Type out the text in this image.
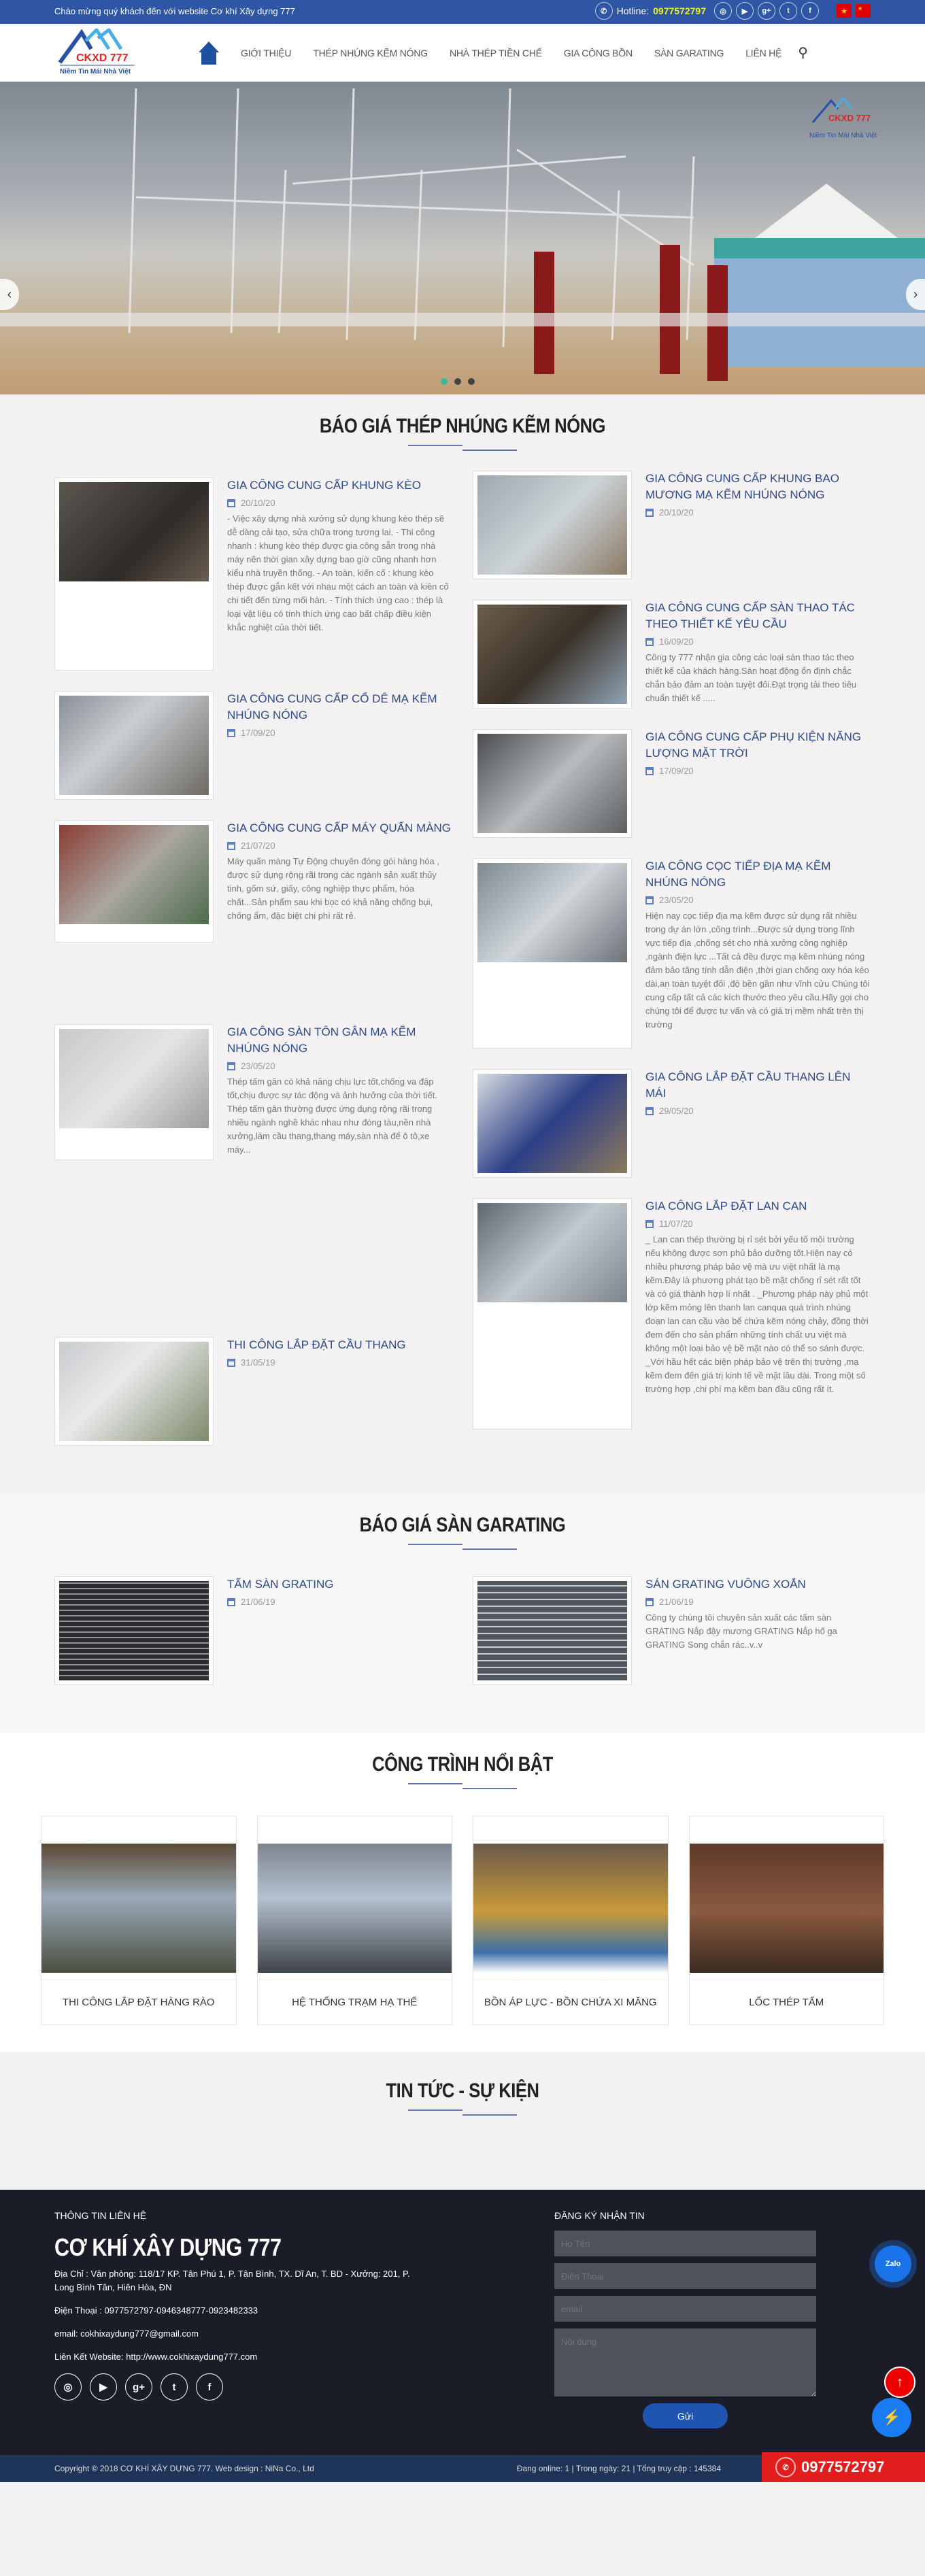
Chào mừng quý khách đến với website Cơ khí Xây dựng 777	✆	Hotline: 0977572797	◎	▶	g+	t	f	★	★
CKXD 777
Niềm Tin Mái Nhà Việt
GIỚI THIỆU	THÉP NHÚNG KẼM NÓNG	NHÀ THÉP TIỀN CHẾ	GIA CÔNG BỒN	SÀN GARATING	LIÊN HỆ	⚲
CKXD 777
Niềm Tin Mái Nhà Việt
‹	›
BÁO GIÁ THÉP NHÚNG KẼM NÓNG
GIA CÔNG CUNG CẤP KHUNG KÈO
20/10/20
- Việc xây dựng nhà xưởng sử dụng khung kèo thép sẽ dễ dàng cải tạo, sửa chữa trong tương lai. - Thi công nhanh : khung kèo thép được gia công sẵn trong nhà máy nên thời gian xây dựng bao giờ cũng nhanh hơn kiểu nhà truyền thống. - An toàn, kiến cố : khung kèo thép được gắn kết với nhau một cách an toàn và kiên cố chi tiết đến từng mối hàn. - Tính thích ứng cao : thép là loại vật liệu có tính thích ứng cao bất chấp điều kiện khắc nghiệt của thời tiết.
GIA CÔNG CUNG CẤP CỔ DÊ MẠ KẼM NHÚNG NÓNG
17/09/20
GIA CÔNG CUNG CẤP MÁY QUẤN MÀNG
21/07/20
Máy quấn màng Tự Động chuyên đóng gói hàng hóa , được sử dụng rộng rãi trong các ngành sản xuất thủy tinh, gốm sứ, giấy, công nghiệp thực phẩm, hóa chất...Sản phẩm sau khi bọc có khả năng chống bụi, chống ẩm, đặc biệt chi phí rất rẻ.
GIA CÔNG SÀN TÔN GÂN MẠ KẼM NHÚNG NÓNG
23/05/20
Thép tấm gân có khả năng chịu lực tốt,chống va đập tốt,chịu được sự tác động và ảnh hưởng của thời tiết. Thép tấm gân thường được ứng dụng rộng rãi trong nhiều ngành nghề khác nhau như đóng tàu,nền nhà xưởng,làm cầu thang,thang máy,sàn nhà để ô tô,xe máy...
THI CÔNG LẮP ĐẶT CẦU THANG
31/05/19
GIA CÔNG CUNG CẤP KHUNG BAO MƯƠNG MẠ KẼM NHÚNG NÓNG
20/10/20
GIA CÔNG CUNG CẤP SÀN THAO TÁC THEO THIẾT KẾ YÊU CẦU
16/09/20
Công ty 777 nhận gia công các loại sàn thao tác theo thiết kế của khách hàng.Sàn hoạt động ổn định chắc chắn bảo đảm an toàn tuyệt đối.Đạt trọng tải theo tiêu chuẩn thiết kế .....
GIA CÔNG CUNG CẤP PHỤ KIỆN NĂNG LƯỢNG MẶT TRỜI
17/09/20
GIA CÔNG CỌC TIẾP ĐỊA MẠ KẼM NHÚNG NÓNG
23/05/20
Hiện nay cọc tiếp địa mạ kẽm được sử dụng rất nhiều trong dự án lớn ,công trình...Được sử dụng trong lĩnh vực tiếp địa ,chống sét cho nhà xưởng công nghiệp ,ngành điện lực ...Tất cả đều được mạ kẽm nhúng nóng đảm bảo tăng tính dẫn điện ,thời gian chống oxy hóa kéo dài,an toàn tuyệt đối ,độ bền gần như vĩnh cửu Chúng tôi cung cấp tất cả các kích thước theo yêu cầu.Hãy gọi cho chúng tôi để được tư vấn và có giá trị mềm nhất trên thị trường
GIA CÔNG LẮP ĐẶT CẦU THANG LÊN MÁI
29/05/20
GIA CÔNG LẮP ĐẶT LAN CAN
11/07/20
_ Lan can thép thường bị rỉ sét bởi yếu tố môi trường nếu không được sơn phủ bảo dưỡng tốt.Hiện nay có nhiều phương pháp bảo vệ mà ưu việt nhất là mạ kẽm.Đây là phương phát tạo bề mặt chống rỉ sét rất tốt và có giá thành hợp lí nhất . _Phương pháp này phủ một lớp kẽm mỏng lên thanh lan canqua quá trình nhúng đoạn lan can cầu vào bể chứa kẽm nóng chảy, đồng thời đem đến cho sản phẩm những tính chất ưu việt mà không một loại bảo vệ bề mặt nào có thể so sánh được. _Với hầu hết các biện pháp bảo vệ trên thị trường ,mạ kẽm đem đến giá trị kinh tế về mặt lâu dài. Trong một số trường hợp ,chi phí mạ kẽm ban đầu cũng rất ít.
BÁO GIÁ SÀN GARATING
TẤM SÀN GRATING
21/06/19
SÁN GRATING VUÔNG XOẮN
21/06/19
Công ty chúng tôi chuyên sản xuất các tấm sàn GRATING Nắp đậy mương GRATING Nắp hố ga GRATING Song chắn rác..v..v
CÔNG TRÌNH NỔI BẬT
THI CÔNG LẮP ĐẶT HÀNG RÀO	HỆ THỐNG TRẠM HẠ THẾ	BỒN ÁP LỰC - BỒN CHỨA XI MĂNG	LỐC THÉP TẤM
TIN TỨC - SỰ KIỆN
THÔNG TIN LIÊN HỆ
CƠ KHÍ XÂY DỰNG 777

Địa Chỉ : Văn phòng: 118/17 KP. Tân Phú 1, P. Tân Bình, TX. Dĩ An, T. BD - Xưởng: 201, P. Long Bình Tân, Hiên Hòa, ĐN

Điện Thoại : 0977572797-0946348777-0923482333

email: cokhixaydung777@gmail.com

Liên Kết Website: http://www.cokhixaydung777.com

◎	▶	g+	t	f
ĐĂNG KÝ NHẬN TIN
Họ Tên
Điện Thoại
email
Nội dung
Gửi
Zalo
↑
⚡
Copyright © 2018 CƠ KHÍ XÂY DỰNG 777. Web design : NiNa Co., Ltd	Đang online: 1 | Trong ngày: 21 | Tổng truy cập : 145384	✆ 0977572797
